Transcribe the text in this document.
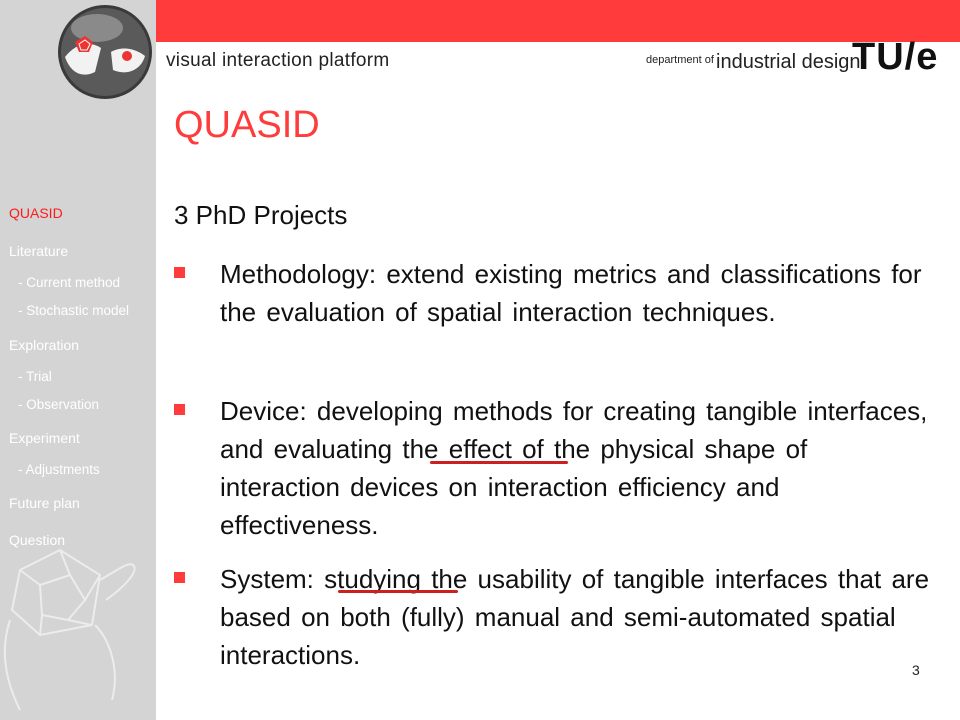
QUASID
Literature
- Current method
- Stochastic model
Exploration
- Trial
- Observation
Experiment
- Adjustments
Future plan
Question
visual interaction platform	department of industrial design
TU/e
QUASID
3 PhD Projects
Methodology: extend existing metrics and classifications for the evaluation of spatial interaction techniques.
Device: developing methods for creating tangible interfaces, and evaluating the effect of the physical shape of interaction devices on interaction efficiency and effectiveness.
System: studying the usability of tangible interfaces that are based on both (fully) manual and semi-automated spatial interactions.	3
